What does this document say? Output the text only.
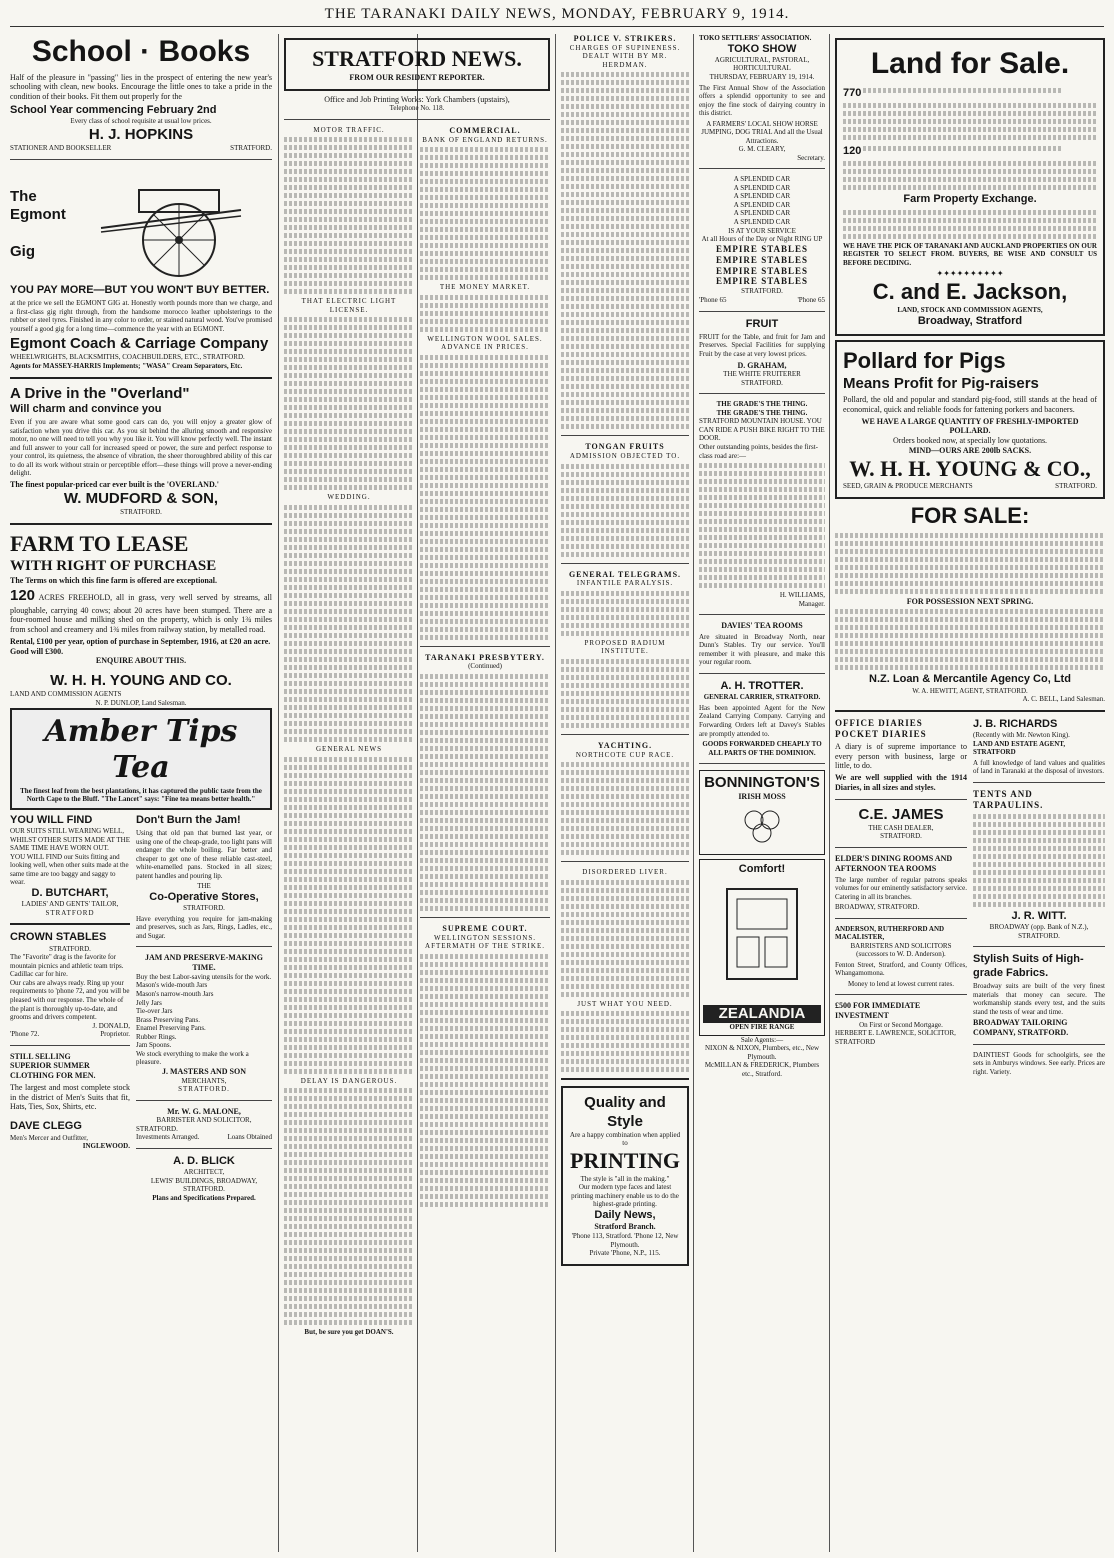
THE TARANAKI DAILY NEWS, MONDAY, FEBRUARY 9, 1914.
School · Books

Half of the pleasure in "passing" lies in the prospect of entering the new year's schooling with clean, new books. Encourage the little ones to take a pride in the condition of their books. Fit them out properly for the

School Year commencing February 2nd
Every class of school requisite at usual low prices.
H. J. HOPKINS
STATIONER AND BOOKSELLER	STRATFORD.
The
Egmont
Gig
YOU PAY MORE—BUT YOU WON'T BUY BETTER.

at the price we sell the EGMONT GIG at. Honestly worth pounds more than we charge, and a first-class gig right through, from the handsome morocco leather upholsterings to the rubber or steel tyres. Finished in any color to order, or stained natural wood. You've promised yourself a good gig for a long time—commence the year with an EGMONT.

Egmont Coach & Carriage Company
WHEELWRIGHTS, BLACKSMITHS, COACHBUILDERS, ETC., STRATFORD.
Agents for MASSEY-HARRIS Implements; "WASA" Cream Separators, Etc.
A Drive in the "Overland"
Will charm and convince you

Even if you are aware what some good cars can do, you will enjoy a greater glow of satisfaction when you drive this car. As you sit behind the alluring smooth and responsive motor, no one will need to tell you why you like it. You will know perfectly well. The instant and full answer to your call for increased speed or power, the sure and perfect response to your control, its quietness, the absence of vibration, the sheer thoroughbred ability of this car to do all its work without strain or perceptible effort—these things will prove a never-ending delight.

The finest popular-priced car ever built is the 'OVERLAND.'
W. MUDFORD & SON,
STRATFORD.
FARM TO LEASE
WITH RIGHT OF PURCHASE
The Terms on which this fine farm is offered are exceptional.

120 ACRES FREEHOLD, all in grass, very well served by streams, all ploughable, carrying 40 cows; about 20 acres have been stumped. There are a four-roomed house and milking shed on the property, which is only 1¾ miles from school and creamery and 1¾ miles from railway station, by metalled road.

Rental, £100 per year, option of purchase in September, 1916, at £20 an acre. Good will £300.
ENQUIRE ABOUT THIS.
W. H. H. YOUNG AND CO.
LAND AND COMMISSION AGENTS
N. P. DUNLOP, Land Salesman.
Amber Tips Tea
The finest leaf from the best plantations, it has captured the public taste from the North Cape to the Bluff. "The Lancet" says: "Fine tea means better health."
YOU WILL FIND
OUR SUITS STILL WEARING WELL, WHILST OTHER SUITS MADE AT THE SAME TIME HAVE WORN OUT.
YOU WILL FIND our Suits fitting and looking well, when other suits made at the same time are too baggy and saggy to wear.
D. BUTCHART,
LADIES' AND GENTS' TAILOR,
STRATFORD
CROWN STABLES
STRATFORD.
The "Favorite" drag is the favorite for mountain picnics and athletic team trips. Cadillac car for hire.
Our cabs are always ready. Ring up your requirements to 'phone 72, and you will be pleased with our response. The whole of the plant is thoroughly up-to-date, and grooms and drivers competent.
J. DONALD,
'Phone 72.	Proprietor.
STILL SELLING
SUPERIOR SUMMER
CLOTHING FOR MEN.

The largest and most complete stock in the district of Men's Suits that fit, Hats, Ties, Sox, Shirts, etc.

DAVE CLEGG
Men's Mercer and Outfitter,
INGLEWOOD.
Don't Burn the Jam!

Using that old pan that burned last year, or using one of the cheap-grade, too light pans will endanger the whole boiling. Far better and cheaper to get one of these reliable cast-steel, white-enamelled pans. Stocked in all sizes; patent handles and pouring lip.

THE
Co-Operative Stores,
STRATFORD.

Have everything you require for jam-making and preserves, such as Jars, Rings, Ladles, etc., and Sugar.

JAM AND PRESERVE-MAKING TIME.
Buy the best Labor-saving utensils for the work.
Mason's wide-mouth Jars
Mason's narrow-mouth Jars
Jelly Jars
Tie-over Jars
Brass Preserving Pans.
Enamel Preserving Pans.
Rubber Rings.
Jam Spoons.
We stock everything to make the work a pleasure.
J. MASTERS AND SON
MERCHANTS,
STRATFORD.
Mr. W. G. MALONE,
BARRISTER AND SOLICITOR,
STRATFORD.
Investments Arranged.	Loans Obtained
A. D. BLICK
ARCHITECT,
LEWIS' BUILDINGS, BROADWAY, STRATFORD.
Plans and Specifications Prepared.
STRATFORD NEWS.
FROM OUR RESIDENT REPORTER.
Office and Job Printing Works: York Chambers (upstairs),
Telephone No. 118.
MOTOR TRAFFIC.
THAT ELECTRIC LIGHT LICENSE.
WEDDING.
GENERAL NEWS
DELAY IS DANGEROUS.
But, be sure you get DOAN'S.
COMMERCIAL.
BANK OF ENGLAND RETURNS.
THE MONEY MARKET.
WELLINGTON WOOL SALES.
ADVANCE IN PRICES.
TARANAKI PRESBYTERY.
(Continued)
SUPREME COURT.
WELLINGTON SESSIONS.
AFTERMATH OF THE STRIKE.
POLICE V. STRIKERS.
CHARGES OF SUPINENESS.
DEALT WITH BY MR. HERDMAN.
TONGAN FRUITS
ADMISSION OBJECTED TO.
GENERAL TELEGRAMS.
INFANTILE PARALYSIS.
PROPOSED RADIUM INSTITUTE.
YACHTING.
NORTHCOTE CUP RACE.
DISORDERED LIVER.
JUST WHAT YOU NEED.
Quality and Style
Are a happy combination when applied to
PRINTING
The style is "all in the making."
Our modern type faces and latest printing machinery enable us to do the highest-grade printing.
Daily News,
Stratford Branch.
'Phone 113, Stratford. 'Phone 12, New Plymouth.
Private 'Phone, N.P., 115.
TOKO SETTLERS' ASSOCIATION.
TOKO SHOW
AGRICULTURAL, PASTORAL, HORTICULTURAL
THURSDAY, FEBRUARY 19, 1914.

The First Annual Show of the Association offers a splendid opportunity to see and enjoy the fine stock of dairying country in this district.

A FARMERS' LOCAL SHOW HORSE JUMPING, DOG TRIAL And all the Usual Attractions.
G. M. CLEARY,
Secretary.
A SPLENDID CAR
A SPLENDID CAR
A SPLENDID CAR
A SPLENDID CAR
A SPLENDID CAR
A SPLENDID CAR
IS AT YOUR SERVICE
At all Hours of the Day or Night RING UP
EMPIRE STABLES
EMPIRE STABLES
EMPIRE STABLES
EMPIRE STABLES
STRATFORD.
'Phone 65	'Phone 65
FRUIT

FRUIT for the Table, and fruit for Jam and Preserves. Special Facilities for supplying Fruit by the case at very lowest prices.

D. GRAHAM,
THE WHITE FRUITERER
STRATFORD.
THE GRADE'S THE THING.
THE GRADE'S THE THING.
STRATFORD MOUNTAIN HOUSE. YOU CAN RIDE A PUSH BIKE RIGHT TO THE DOOR.
Other outstanding points, besides the first-class road are:—
H. WILLIAMS,
Manager.
DAVIES' TEA ROOMS

Are situated in Broadway North, near Dunn's Stables. Try our service. You'll remember it with pleasure, and make this your regular room.

A. H. TROTTER.
GENERAL CARRIER, STRATFORD.

Has been appointed Agent for the New Zealand Carrying Company. Carrying and Forwarding Orders left at Davey's Stables are promptly attended to.

GOODS FORWARDED CHEAPLY TO ALL PARTS OF THE DOMINION.
BONNINGTON'S
IRISH MOSS
Comfort!
ZEALANDIA
OPEN FIRE RANGE
Sale Agents:—
NIXON & NIXON, Plumbers, etc., New Plymouth.
McMILLAN & FREDERICK, Plumbers etc., Stratford.
Land for Sale.

770

120

Farm Property Exchange.

WE HAVE THE PICK OF TARANAKI AND AUCKLAND PROPERTIES ON OUR REGISTER TO SELECT FROM. BUYERS, BE WISE AND CONSULT US BEFORE DECIDING.

✦✦✦✦✦✦✦✦✦✦
C. and E. Jackson,
LAND, STOCK AND COMMISSION AGENTS,
Broadway, Stratford
Pollard for Pigs
Means Profit for Pig-raisers

Pollard, the old and popular and standard pig-food, still stands at the head of economical, quick and reliable foods for fattening porkers and baconers.

WE HAVE A LARGE QUANTITY OF FRESHLY-IMPORTED POLLARD.
Orders booked now, at specially low quotations.
MIND—OURS ARE 200lb SACKS.
W. H. H. YOUNG & CO.,
SEED, GRAIN & PRODUCE MERCHANTS	STRATFORD.
FOR SALE:
FOR POSSESSION NEXT SPRING.
N.Z. Loan & Mercantile Agency Co, Ltd
W. A. HEWITT, AGENT, STRATFORD.
A. C. BELL, Land Salesman.
OFFICE DIARIES
POCKET DIARIES

A diary is of supreme importance to every person with business, large or little, to do.

We are well supplied with the 1914 Diaries, in all sizes and styles.

C.E. JAMES
THE CASH DEALER,
STRATFORD.
ELDER'S DINING ROOMS AND AFTERNOON TEA ROOMS

The large number of regular patrons speaks volumes for our eminently satisfactory service. Catering in all its branches.

BROADWAY, STRATFORD.
ANDERSON, RUTHERFORD AND MACALISTER,
BARRISTERS AND SOLICITORS
(successors to W. D. Anderson).

Fenton Street, Stratford, and County Offices, Whangamomona.

Money to lend at lowest current rates.
£500 FOR IMMEDIATE INVESTMENT
On First or Second Mortgage.
HERBERT E. LAWRENCE, SOLICITOR, STRATFORD
J. B. RICHARDS
(Recently with Mr. Newton King).
LAND AND ESTATE AGENT, STRATFORD

A full knowledge of land values and qualities of land in Taranaki at the disposal of investors.

TENTS AND TARPAULINS.
J. R. WITT.
BROADWAY (opp. Bank of N.Z.), STRATFORD.
Stylish Suits of High-grade Fabrics.

Broadway suits are built of the very finest materials that money can secure. The workmanship stands every test, and the suits stand the tests of wear and time.

BROADWAY TAILORING COMPANY, STRATFORD.

DAINTIEST Goods for schoolgirls, see the sets in Amburys windows. See early. Prices are right. Variety.
